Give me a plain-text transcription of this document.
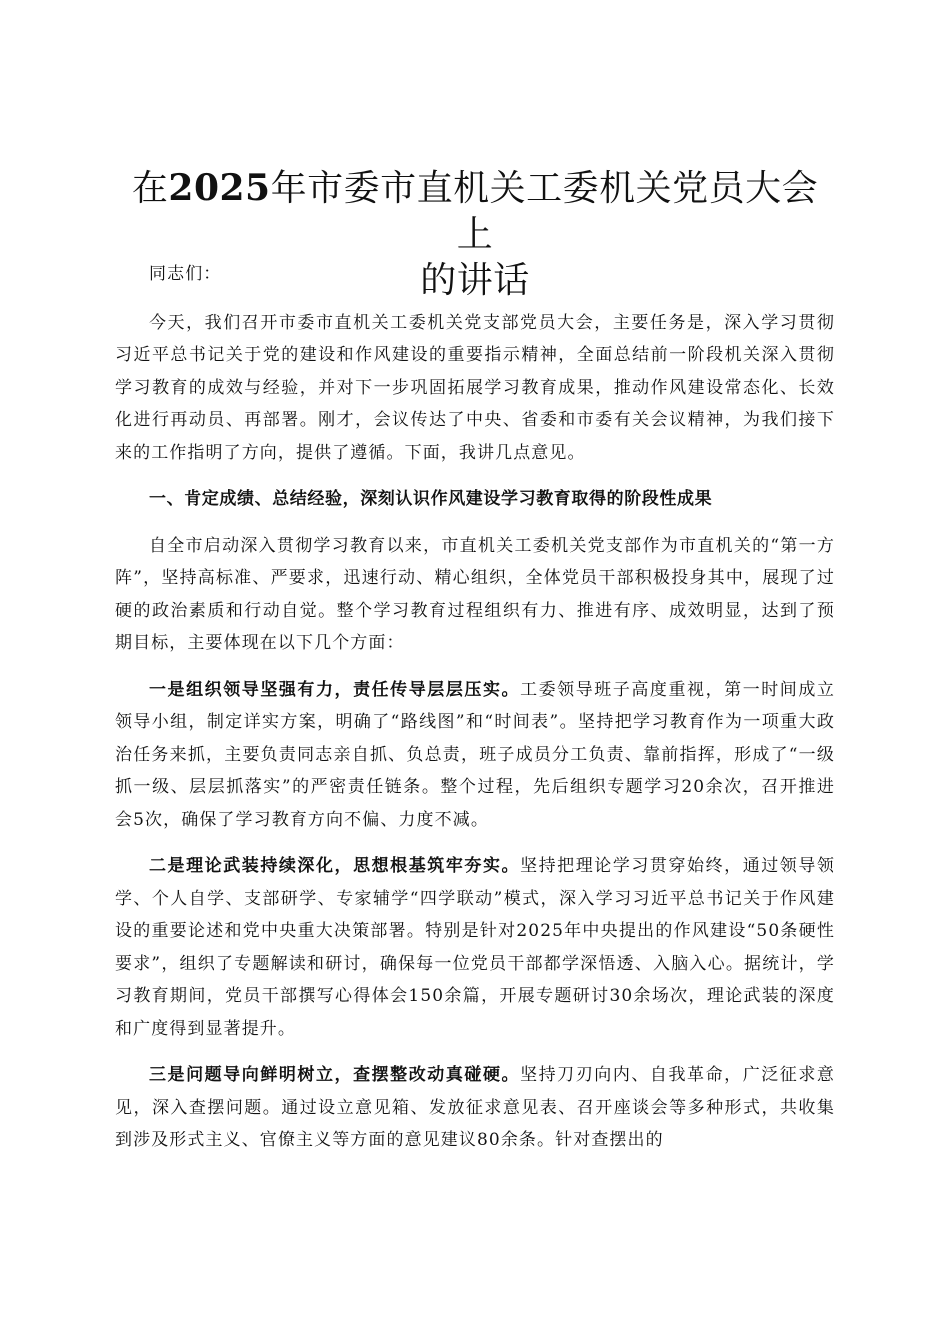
在2025年市委市直机关工委机关党员大会上
的讲话

同志们：

今天，我们召开市委市直机关工委机关党支部党员大会，主要任务是，深入学习贯彻习近平总书记关于党的建设和作风建设的重要指示精神，全面总结前一阶段机关深入贯彻学习教育的成效与经验，并对下一步巩固拓展学习教育成果，推动作风建设常态化、长效化进行再动员、再部署。刚才，会议传达了中央、省委和市委有关会议精神，为我们接下来的工作指明了方向，提供了遵循。下面，我讲几点意见。

一、肯定成绩、总结经验，深刻认识作风建设学习教育取得的阶段性成果

自全市启动深入贯彻学习教育以来，市直机关工委机关党支部作为市直机关的“第一方阵”，坚持高标准、严要求，迅速行动、精心组织，全体党员干部积极投身其中，展现了过硬的政治素质和行动自觉。整个学习教育过程组织有力、推进有序、成效明显，达到了预期目标，主要体现在以下几个方面：

一是组织领导坚强有力，责任传导层层压实。工委领导班子高度重视，第一时间成立领导小组，制定详实方案，明确了“路线图”和“时间表”。坚持把学习教育作为一项重大政治任务来抓，主要负责同志亲自抓、负总责，班子成员分工负责、靠前指挥，形成了“一级抓一级、层层抓落实”的严密责任链条。整个过程，先后组织专题学习20余次，召开推进会5次，确保了学习教育方向不偏、力度不减。

二是理论武装持续深化，思想根基筑牢夯实。坚持把理论学习贯穿始终，通过领导领学、个人自学、支部研学、专家辅学“四学联动”模式，深入学习习近平总书记关于作风建设的重要论述和党中央重大决策部署。特别是针对2025年中央提出的作风建设“50条硬性要求”，组织了专题解读和研讨，确保每一位党员干部都学深悟透、入脑入心。据统计，学习教育期间，党员干部撰写心得体会150余篇，开展专题研讨30余场次，理论武装的深度和广度得到显著提升。

三是问题导向鲜明树立，查摆整改动真碰硬。坚持刀刃向内、自我革命，广泛征求意见，深入查摆问题。通过设立意见箱、发放征求意见表、召开座谈会等多种形式，共收集到涉及形式主义、官僚主义等方面的意见建议80余条。针对查摆出的
